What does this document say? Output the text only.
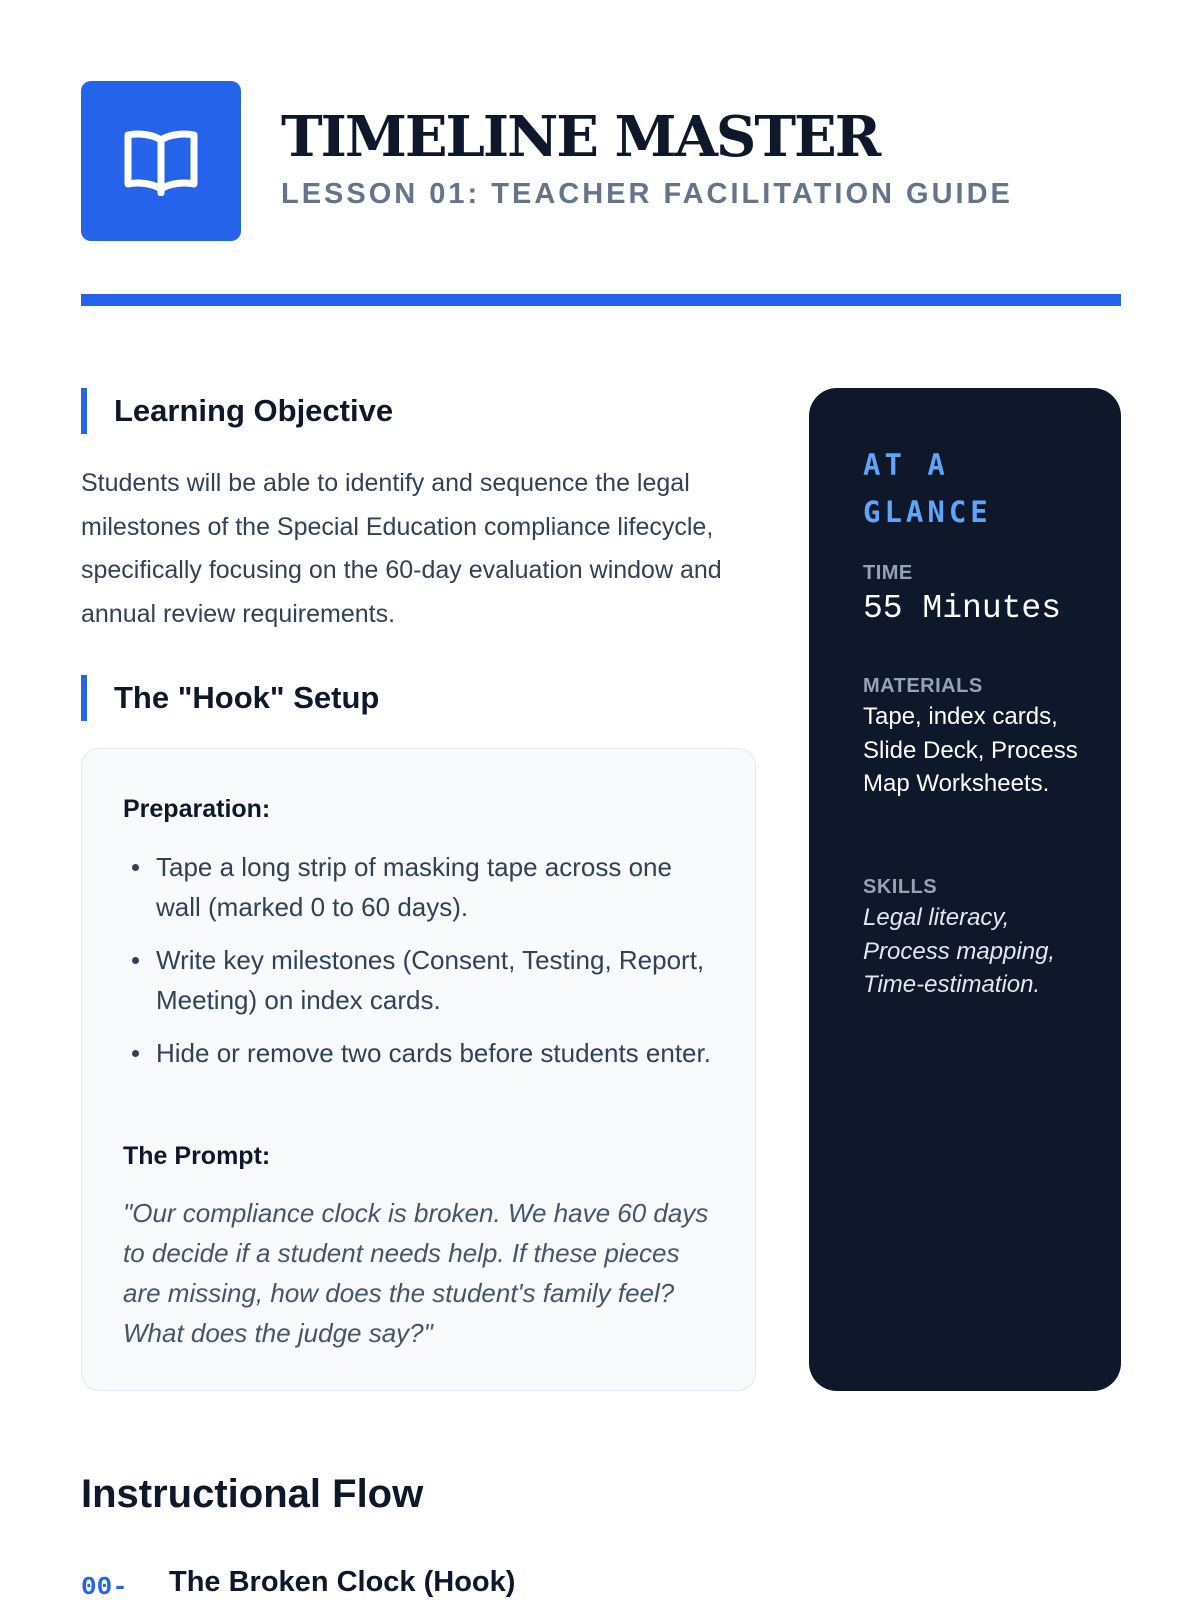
TIMELINE MASTER
LESSON 01: TEACHER FACILITATION GUIDE
Learning Objective

Students will be able to identify and sequence the legal milestones of the Special Education compliance lifecycle, specifically focusing on the 60-day evaluation window and annual review requirements.

The "Hook" Setup
Preparation:
Tape a long strip of masking tape across one wall (marked 0 to 60 days).
Write key milestones (Consent, Testing, Report, Meeting) on index cards.
Hide or remove two cards before students enter.
The Prompt:

"Our compliance clock is broken. We have 60 days to decide if a student needs help. If these pieces are missing, how does the student's family feel? What does the judge say?"

AT A GLANCE
TIME
55 Minutes
MATERIALS
Tape, index cards, Slide Deck, Process Map Worksheets.
SKILLS
Legal literacy, Process mapping, Time-estimation.
Instructional Flow
00- The Broken Clock (Hook)
